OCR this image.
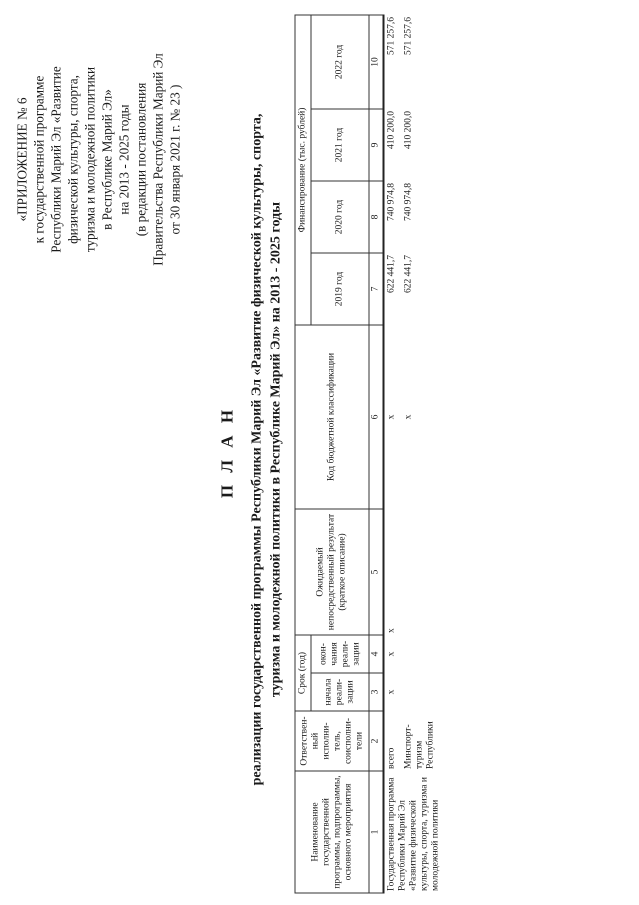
«ПРИЛОЖЕНИЕ № 6 к государственной программе Республики Марий Эл «Развитие физической культуры, спорта, туризма и молодежной политики в Республике Марий Эл» на 2013 - 2025 годы (в редакции постановления Правительства Республики Марий Эл от 30 января 2021 г. № 23 )
П Л А Н реализации государственной программы Республики Марий Эл «Развитие физической культуры, спорта, туризма и молодежной политики в Республике Марий Эл» на 2013 - 2025 годы
Наименование государственной программы, подпрограммы, основного мероприятия	Ответствен-ный исполни-тель, соисполни-тели	Срок (год)		Ожидаемый непосредственный результат (краткое описание)	Код бюджетной классификации	Финансирование (тыс. рублей)			
		начала реали-зации	окон-чания реали-зации			2019 год	2020 год	2021 год	2022 год
1	2	3	4	5	6	7	8	9	10
Государственная программа Республики Марий Эл «Развитие физической культуры, спорта, туризма и молодежной политики	всего	x	x	x	x	622 441,7	740 974,8	410 200,0	571 257,6
	Минспорт-туризм Республики				x	622 441,7	740 974,8	410 200,0	571 257,6
